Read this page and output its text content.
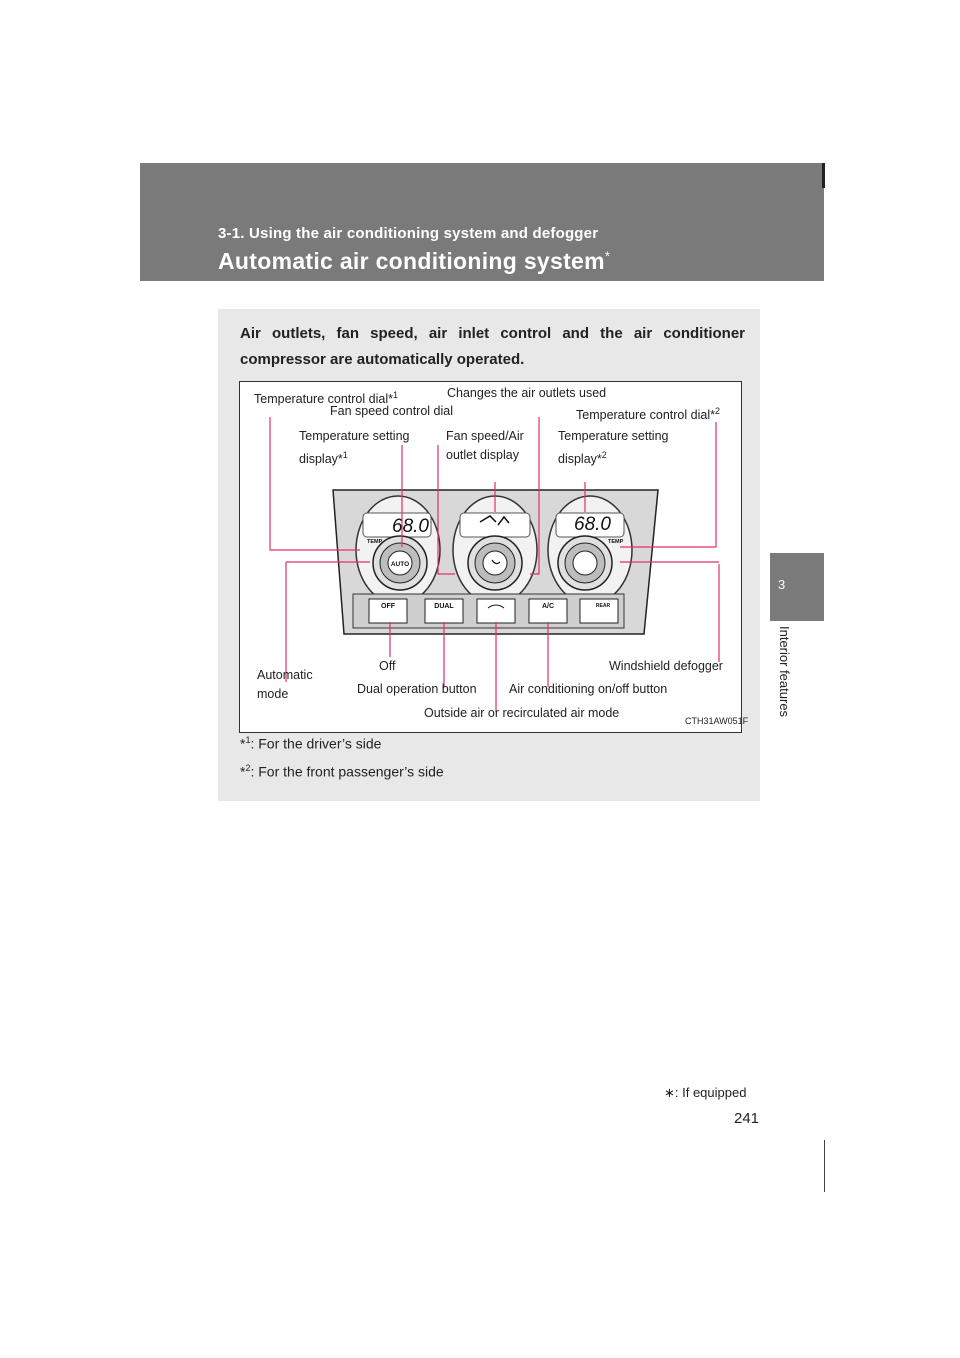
3-1. Using the air conditioning system and defogger
Automatic air conditioning system*
3
Interior features
Air outlets, fan speed, air inlet control and the air conditioner compressor are automatically operated.
AUTO
TEMP
68.0
TEMP
68.0
OFF	DUAL	A/C	REAR
Temperature control dial*$^1$	Changes the air outlets used
Fan speed control dial	Temperature control dial*$^2$
Temperature setting
display*$^1$
Fan speed/Air
outlet display
Temperature setting
display*$^2$
Automatic
mode
Off	Windshield defogger
Dual operation button	Air conditioning on/off button
Outside air or recirculated air mode
CTH31AW051F
*$^1$: For the driver’s side
*$^2$: For the front passenger’s side
∗: If equipped
241
